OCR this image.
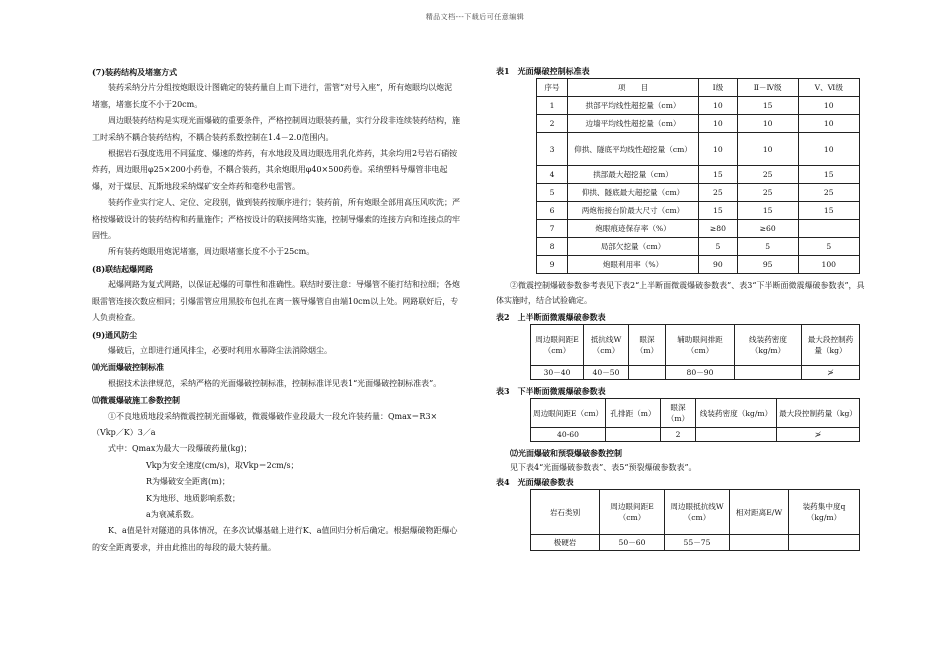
精品文档---下载后可任意编辑

(7)装药结构及堵塞方式

装药采纳分片分组按炮眼设计图确定的装药量自上而下进行，雷管“对号入座”，所有炮眼均以炮泥堵塞，堵塞长度不小于20cm。

周边眼装药结构是实现光面爆破的重要条件，严格控制周边眼装药量，实行分段非连续装药结构，施工时采纳不耦合装药结构，不耦合装药系数控制在1.4－2.0范围内。

根据岩石强度选用不同猛度、爆速的炸药，有水地段及周边眼选用乳化炸药，其余均用2号岩石硝铵炸药，周边眼用φ25×200小药卷，不耦合装药，其余炮眼用φ40×500药卷。采纳塑料导爆管非电起爆，对于煤层、瓦斯地段采纳煤矿安全炸药和毫秒电雷管。

装药作业实行定人、定位、定段别，做到装药按顺序进行；装药前，所有炮眼全部用高压风吹洗；严格按爆破设计的装药结构和药量施作；严格按设计的联接网络实施，控制导爆索的连接方向和连接点的牢固性。

所有装药炮眼用炮泥堵塞，周边眼堵塞长度不小于25cm。

(8)联结起爆网路

起爆网路为复式网路，以保证起爆的可靠性和准确性。联结时要注意：导爆管不能打结和拉细；各炮眼雷管连接次数应相同；引爆雷管应用黑胶布包扎在离一簇导爆管自由端10cm以上处。网路联好后，专人负责检查。

(9)通风防尘

爆破后，立即进行通风排尘，必要时利用水幕降尘法消除烟尘。

⑽光面爆破控制标准

根据技术法律规范，采纳严格的光面爆破控制标准，控制标准详见表1“光面爆破控制标准表”。

⑾微震爆破施工参数控制

①不良地质地段采纳微震控制光面爆破，微震爆破作业段最大一段允许装药量：Qmax＝R3×（Vkp／K）3／a

式中：Qmax为最大一段爆破药量(kg)；

Vkp为安全速度(cm/s)，取Vkp＝2cm/s；

R为爆破安全距离(m)；

K为地形、地质影响系数；

a为衰减系数。

K、a值是针对隧道的具体情况，在多次试爆基础上进行K、a值回归分析后确定。根据爆破物距爆心的安全距离要求，并由此推出的每段的最大装药量。

表1　光面爆破控制标准表

序号	项　　目	Ⅰ级	Ⅱ－Ⅳ级	Ⅴ、Ⅵ级
1	拱部平均线性超挖量（cm）	10	15	10
2	边墙平均线性超挖量（cm）	10	10	10
3	仰拱、隧底平均线性超挖量（cm）	10	10	10
4	拱部最大超挖量（cm）	15	25	15
5	仰拱、隧底最大超挖量（cm）	25	25	25
6	两炮衔接台阶最大尺寸（cm）	15	15	15
7	炮眼痕迹保存率（%）	≥80	≥60	
8	局部欠挖量（cm）	5	5	5
9	炮眼利用率（%）	90	95	100

②微震控制爆破参数参考表见下表2“上半断面微震爆破参数表”、表3“下半断面微震爆破参数表”，具体实施时，结合试验确定。

表2　上半断面微震爆破参数表

周边眼间距E（cm）	抵抗线W（cm）	眼深（m）	辅助眼间排距（cm）	线装药密度（kg/m）	最大段控制药量（kg）
30－40	40－50		80－90		≯

表3　下半断面微震爆破参数表

周边眼间距E（cm）	孔排距（m）	眼深（m）	线装药密度（kg/m）	最大段控制药量（kg）
40-60		2		≯

⑿光面爆破和预裂爆破参数控制

见下表4“光面爆破参数表”、表5“预裂爆破参数表”。

表4　光面爆破参数表

岩石类别	周边眼间距E（cm）	周边眼抵抗线W（cm）	相对距离E/W	装药集中度q（kg/m）
极硬岩	50－60	55－75		
